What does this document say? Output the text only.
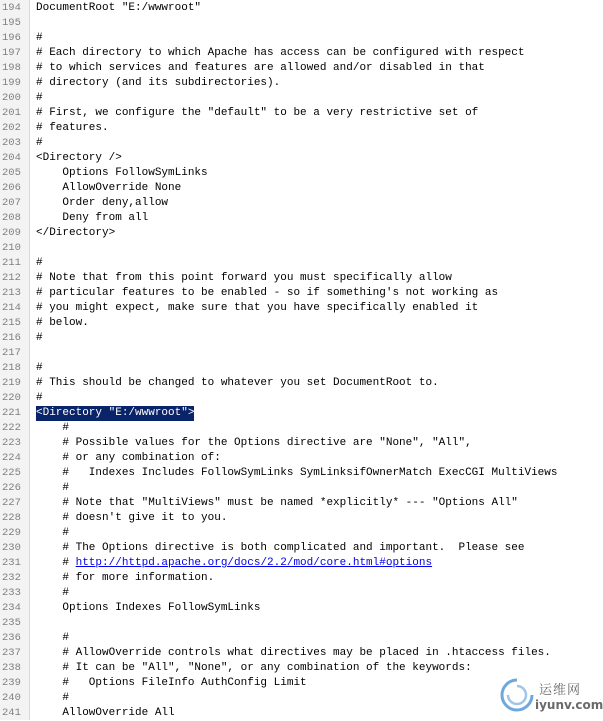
194	DocumentRoot "E:/wwwroot"
195
196	#
197	# Each directory to which Apache has access can be configured with respect
198	# to which services and features are allowed and/or disabled in that
199	# directory (and its subdirectories).
200	#
201	# First, we configure the "default" to be a very restrictive set of
202	# features.
203	#
204	<Directory />
205	Options FollowSymLinks
206	AllowOverride None
207	Order deny,allow
208	Deny from all
209	</Directory>
210
211	#
212	# Note that from this point forward you must specifically allow
213	# particular features to be enabled - so if something's not working as
214	# you might expect, make sure that you have specifically enabled it
215	# below.
216	#
217
218	#
219	# This should be changed to whatever you set DocumentRoot to.
220	#
221	<Directory "E:/wwwroot">
222	#
223	# Possible values for the Options directive are "None", "All",
224	# or any combination of:
225	#   Indexes Includes FollowSymLinks SymLinksifOwnerMatch ExecCGI MultiViews
226	#
227	# Note that "MultiViews" must be named *explicitly* --- "Options All"
228	# doesn't give it to you.
229	#
230	# The Options directive is both complicated and important.  Please see
231	# http://httpd.apache.org/docs/2.2/mod/core.html#options
232	# for more information.
233	#
234	Options Indexes FollowSymLinks
235
236	#
237	# AllowOverride controls what directives may be placed in .htaccess files.
238	# It can be "All", "None", or any combination of the keywords:
239	#   Options FileInfo AuthConfig Limit
240	#
241	AllowOverride All
运维网
iyunv.com
